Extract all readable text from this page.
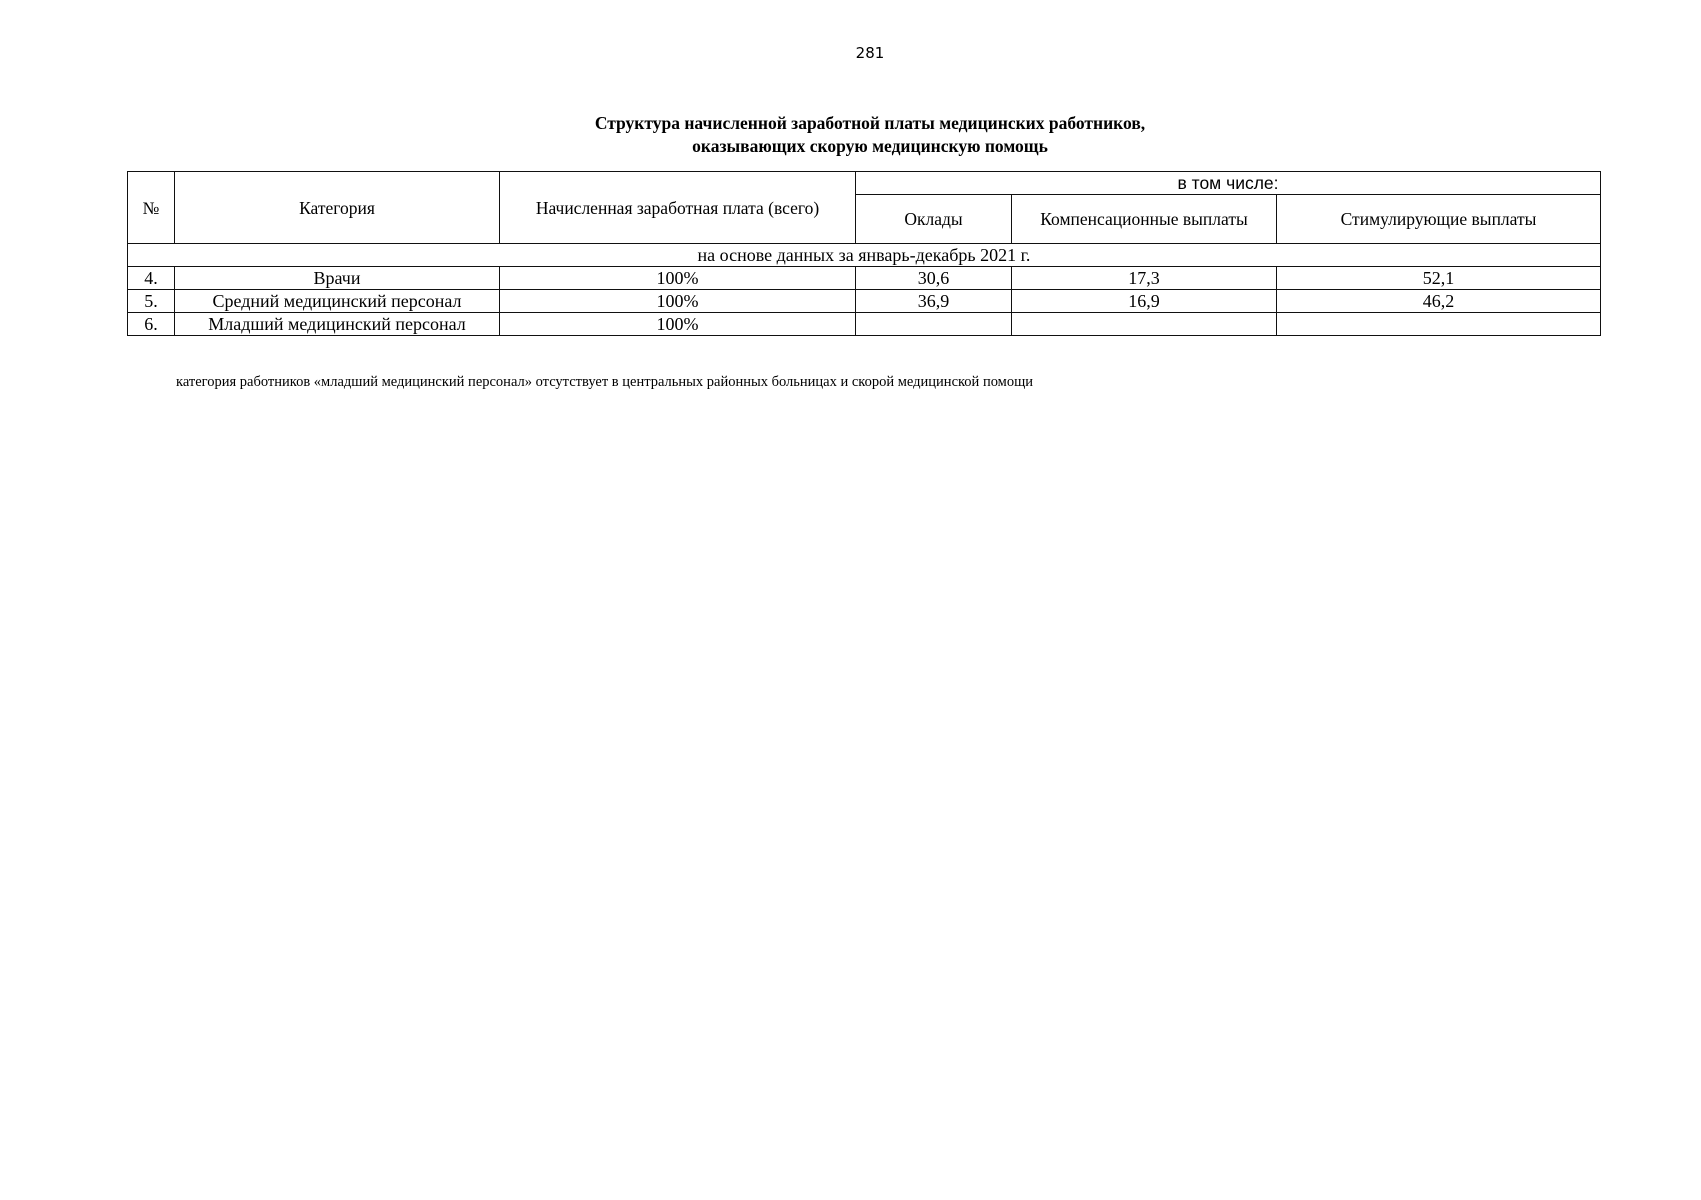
281
Структура начисленной заработной платы медицинских работников,
оказывающих скорую медицинскую помощь
№	Категория	Начисленная заработная плата (всего)	в том числе:		
			Оклады	Компенсационные выплаты	Стимулирующие выплаты
на основе данных за январь-декабрь 2021 г.					
4.	Врачи	100%	30,6	17,3	52,1
5.	Средний медицинский персонал	100%	36,9	16,9	46,2
6.	Младший медицинский персонал	100%			
категория работников «младший медицинский персонал» отсутствует в центральных районных больницах и скорой медицинской помощи
